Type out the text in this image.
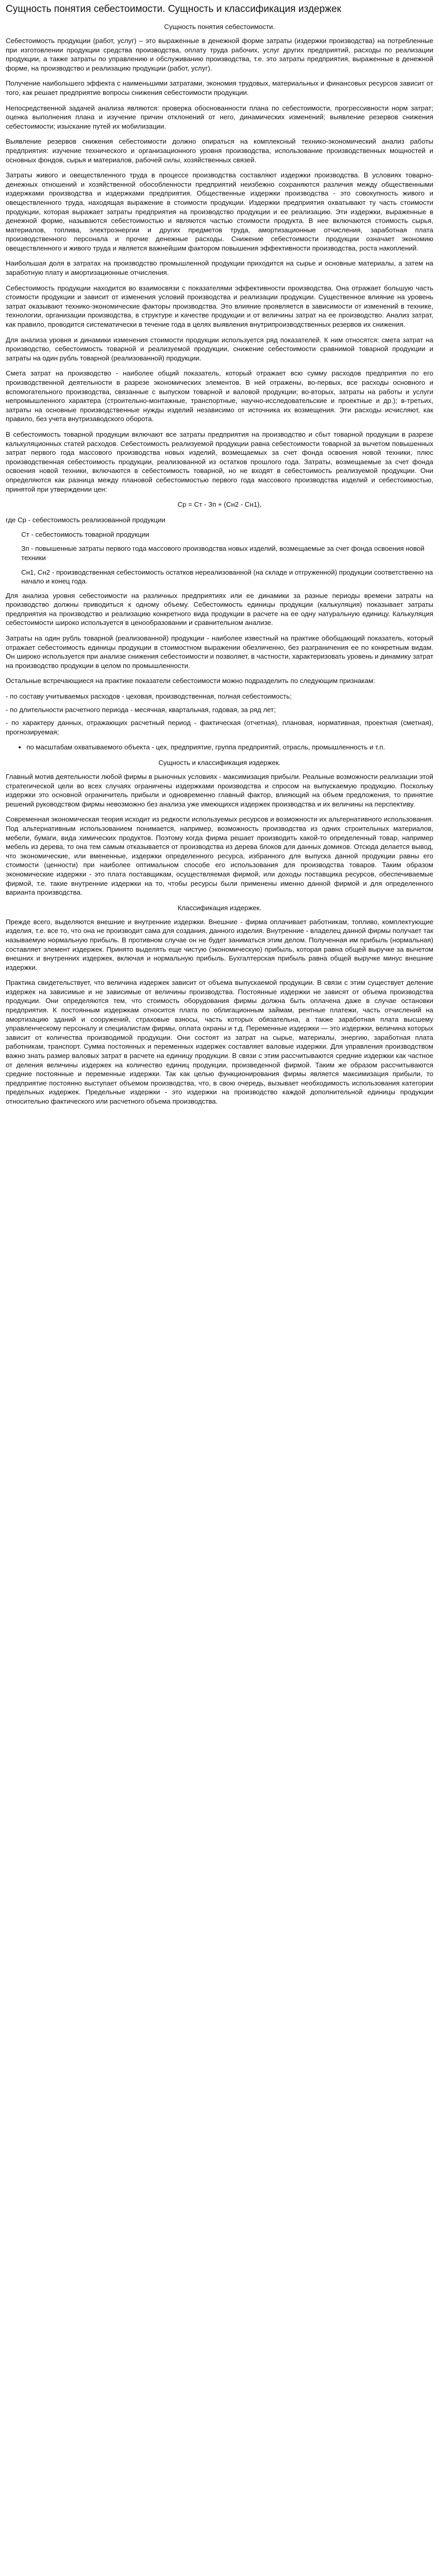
Сущность понятия себестоимости. Сущность и классификация издержек
Сущность понятия себестоимости.

Себестоимость продукции (работ, услуг) – это выраженные в денежной форме затраты (издержки производства) на потребленные при изготовлении продукции средства производства, оплату труда рабочих, услуг других предприятий, расходы по реализации продукции, а также затраты по управлению и обслуживанию производства, т.е. это затраты предприятия, выраженные в денежной форме, на производство и реализацию продукции (работ, услуг).

Получение наибольшего эффекта с наименьшими затратами, экономия трудовых, материальных и финансовых ресурсов зависит от того, как решает предприятие вопросы снижения себестоимости продукции.

Непосредственной задачей анализа являются: проверка обоснованности плана по себестоимости, прогрессивности норм затрат; оценка выполнения плана и изучение причин отклонений от него, динамических изменений; выявление резервов снижения себестоимости; изыскание путей их мобилизации.

Выявление резервов снижения себестоимости должно опираться на комплексный технико-экономический анализ работы предприятия: изучение технического и организационного уровня производства, использование производственных мощностей и основных фондов, сырья и материалов, рабочей силы, хозяйственных связей.

Затраты живого и овеществленного труда в процессе производства составляют издержки производства. В условиях товарно-денежных отношений и хозяйственной обособленности предприятий неизбежно сохраняются различия между общественными издержками производства и издержками предприятия. Общественные издержки производства - это совокупность живого и овеществленного труда, находящая выражение в стоимости продукции. Издержки предприятия охватывают ту часть стоимости продукции, которая выражает затраты предприятия на производство продукции и ее реализацию. Эти издержки, выраженные в денежной форме, называются себестоимостью и являются частью стоимости продукта. В нее включаются стоимость сырья, материалов, топлива, электроэнергии и других предметов труда, амортизационные отчисления, заработная плата производственного персонала и прочие денежные расходы. Снижение себестоимости продукции означает экономию овеществленного и живого труда и является важнейшим фактором повышения эффективности производства, роста накоплений.

Наибольшая доля в затратах на производство промышленной продукции приходится на сырье и основные материалы, а затем на заработную плату и амортизационные отчисления.

Себестоимость продукции находится во взаимосвязи с показателями эффективности производства. Она отражает большую часть стоимости продукции и зависит от изменения условий производства и реализации продукции. Существенное влияние на уровень затрат оказывают технико-экономические факторы производства. Это влияние проявляется в зависимости от изменений в технике, технологии, организации производства, в структуре и качестве продукции и от величины затрат на ее производство. Анализ затрат, как правило, проводится систематически в течение года в целях выявления внутрипроизводственных резервов их снижения.

Для анализа уровня и динамики изменения стоимости продукции используется ряд показателей. К ним относятся: смета затрат на производство, себестоимость товарной и реализуемой продукции, снижение себестоимости сравнимой товарной продукции и затраты на один рубль товарной (реализованной) продукции.

Смета затрат на производство - наиболее общий показатель, который отражает всю сумму расходов предприятия по его производственной деятельности в разрезе экономических элементов. В ней отражены, во-первых, все расходы основного и вспомогательного производства, связанные с выпуском товарной и валовой продукции; во-вторых, затраты на работы и услуги непромышленного характера (строительно-монтажные, транспортные, научно-исследовательские и проектные и др.); в-третьих, затраты на основные производственные нужды изделий независимо от источника их возмещения. Эти расходы исчисляют, как правило, без учета внутризаводского оборота.

В себестоимость товарной продукции включают все затраты предприятия на производство и сбыт товарной продукции в разрезе калькуляционных статей расходов. Себестоимость реализуемой продукции равна себестоимости товарной за вычетом повышенных затрат первого года массового производства новых изделий, возмещаемых за счет фонда освоения новой техники, плюс производственная себестоимость продукции, реализованной из остатков прошлого года. Затраты, возмещаемые за счет фонда освоения новой техники, включаются в себестоимость товарной, но не входят в себестоимость реализуемой продукции. Они определяются как разница между плановой себестоимостью первого года массового производства изделий и себестоимостью, принятой при утверждении цен:

Cр = Ст - Зп + (Сн2 - Сн1),
где Ср - себестоимость реализованной продукции
Ст - себестоимость товарной продукции
Зп - повышенные затраты первого года массового производства новых изделий, возмещаемые за счет фонда освоения новой техники
Сн1, Сн2 - производственная себестоимость остатков нереализованной (на складе и отгруженной) продукции соответственно на начало и конец года.

Для анализа уровня себестоимости на различных предприятиях или ее динамики за разные периоды времени затраты на производство должны приводиться к одному объему. Себестоимость единицы продукции (калькуляция) показывает затраты предприятия на производство и реализацию конкретного вида продукции в расчете на ее одну натуральную единицу. Калькуляция себестоимости широко используется в ценообразовании и сравнительном анализе.

Затраты на один рубль товарной (реализованной) продукции - наиболее известный на практике обобщающий показатель, который отражает себестоимость единицы продукции в стоимостном выражении обезличенно, без разграничения ее по конкретным видам. Он широко используется при анализе снижения себестоимости и позволяет, в частности, характеризовать уровень и динамику затрат на производство продукции в целом по промышленности.

Остальные встречающиеся на практике показатели себестоимости можно подразделить по следующим признакам:

- по составу учитываемых расходов - цеховая, производственная, полная себестоимость;
- по длительности расчетного периода - месячная, квартальная, годовая, за ряд лет;
- по характеру данных, отражающих расчетный период - фактическая (отчетная), плановая, нормативная, проектная (сметная), прогнозируемая;
• по масштабам охватываемого объекта - цех, предприятие, группа предприятий, отрасль, промышленность и т.п.
Сущность и классификация издержек.

Главный мотив деятельности любой фирмы в рыночных условиях - максимизация прибыли. Реальные возможности реализации этой стратегической цели во всех случаях ограничены издержками производства и спросом на выпускаемую продукцию. Поскольку издержки это основной ограничитель прибыли и одновременно главный фактор, влияющий на объем предложения, то принятие решений руководством фирмы невозможно без анализа уже имеющихся издержек производства и их величины на перспективу.

Современная экономическая теория исходит из редкости используемых ресурсов и возможности их альтернативного использования. Под альтернативным использованием понимается, например, возможность производства из одних строительных материалов, мебели, бумаги, вида химических продуктов. Поэтому когда фирма решает производить какой-то определенный товар, например мебель из дерева, то она тем самым отказывается от производства из дерева блоков для данных домиков. Отсюда делается вывод, что экономические, или вмененные, издержки определенного ресурса, избранного для выпуска данной продукции равны его стоимости (ценности) при наиболее оптимальном способе его использования для производства товаров. Таким образом экономические издержки - это плата поставщикам, осуществляемая фирмой, или доходы поставщика ресурсов, обеспечиваемые фирмой, т.е. такие внутренние издержки на то, чтобы ресурсы были применены именно данной фирмой и для определенного варианта производства.

Классификация издержек.

Прежде всего, выделяются внешние и внутренние издержки. Внешние - фирма оплачивает работникам, топливо, комплектующие изделия, т.е. все то, что она не производит сама для создания, данного изделия. Внутренние - владелец данной фирмы получает так называемую нормальную прибыль. В противном случае он не будет заниматься этим делом. Полученная им прибыль (нормальная) составляет элемент издержек. Принято выделять еще чистую (экономическую) прибыль, которая равна общей выручке за вычетом внешних и внутренних издержек, включая и нормальную прибыль. Бухгалтерская прибыль равна общей выручке минус внешние издержки.

Практика свидетельствует, что величина издержек зависит от объема выпускаемой продукции. В связи с этим существует деление издержек на зависимые и не зависимые от величины производства. Постоянные издержки не зависят от объема производства продукции. Они определяются тем, что стоимость оборудования фирмы должна быть оплачена даже в случае остановки предприятия. К постоянным издержкам относится плата по облигационным займам, рентные платежи, часть отчислений на амортизацию зданий и сооружений, страховые взносы, часть которых обязательна, а также заработная плата высшему управленческому персоналу и специалистам фирмы, оплата охраны и т.д. Переменные издержки — это издержки, величина которых зависит от количества производимой продукции. Они состоят из затрат на сырье, материалы, энергию, заработная плата работникам, транспорт. Сумма постоянных и переменных издержек составляет валовые издержки. Для управления производством важно знать размер валовых затрат в расчете на единицу продукции. В связи с этим рассчитываются средние издержки как частное от деления величины издержек на количество единиц продукции, произведенной фирмой. Таким же образом рассчитываются средние постоянные и переменные издержки. Так как целью функционирования фирмы является максимизация прибыли, то предприятие постоянно выступает объемом производства, что, в свою очередь, вызывает необходимость использования категории предельных издержек. Предельные издержки - это издержки на производство каждой дополнительной единицы продукции относительно фактического или расчетного объема производства.
